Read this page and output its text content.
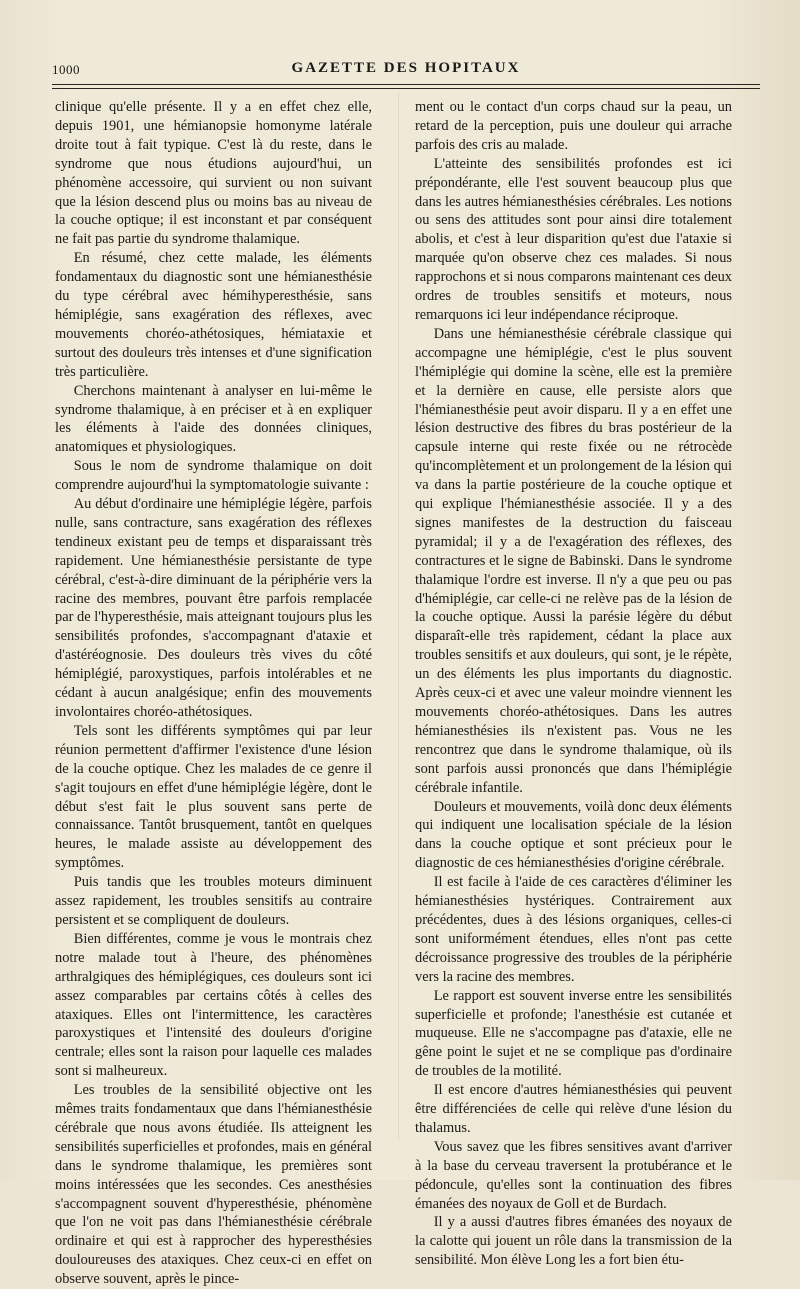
1000	GAZETTE DES HOPITAUX

clinique qu'elle présente. Il y a en effet chez elle, depuis 1901, une hémianopsie homonyme latérale droite tout à fait typique. C'est là du reste, dans le syndrome que nous étudions aujourd'hui, un phénomène accessoire, qui survient ou non suivant que la lésion descend plus ou moins bas au niveau de la couche optique; il est inconstant et par conséquent ne fait pas partie du syndrome thalamique.

En résumé, chez cette malade, les éléments fondamentaux du diagnostic sont une hémianesthésie du type cérébral avec hémihyperesthésie, sans hémiplégie, sans exagération des réflexes, avec mouvements choréo-athétosiques, hémiataxie et surtout des douleurs très intenses et d'une signification très particulière.

Cherchons maintenant à analyser en lui-même le syndrome thalamique, à en préciser et à en expliquer les éléments à l'aide des données cliniques, anatomiques et physiologiques.

Sous le nom de syndrome thalamique on doit comprendre aujourd'hui la symptomatologie suivante :

Au début d'ordinaire une hémiplégie légère, parfois nulle, sans contracture, sans exagération des réflexes tendineux existant peu de temps et disparaissant très rapidement. Une hémianesthésie persistante de type cérébral, c'est-à-dire diminuant de la périphérie vers la racine des membres, pouvant être parfois remplacée par de l'hyperesthésie, mais atteignant toujours plus les sensibilités profondes, s'accompagnant d'ataxie et d'astéréognosie. Des douleurs très vives du côté hémiplégié, paroxystiques, parfois intolérables et ne cédant à aucun analgésique; enfin des mouvements involontaires choréo-athétosiques.

Tels sont les différents symptômes qui par leur réunion permettent d'affirmer l'existence d'une lésion de la couche optique. Chez les malades de ce genre il s'agit toujours en effet d'une hémiplégie légère, dont le début s'est fait le plus souvent sans perte de connaissance. Tantôt brusquement, tantôt en quelques heures, le malade assiste au développement des symptômes.

Puis tandis que les troubles moteurs diminuent assez rapidement, les troubles sensitifs au contraire persistent et se compliquent de douleurs.

Bien différentes, comme je vous le montrais chez notre malade tout à l'heure, des phénomènes arthralgiques des hémiplégiques, ces douleurs sont ici assez comparables par certains côtés à celles des ataxiques. Elles ont l'intermittence, les caractères paroxystiques et l'intensité des douleurs d'origine centrale; elles sont la raison pour laquelle ces malades sont si malheureux.

Les troubles de la sensibilité objective ont les mêmes traits fondamentaux que dans l'hémianesthésie cérébrale que nous avons étudiée. Ils atteignent les sensibilités superficielles et profondes, mais en général dans le syndrome thalamique, les premières sont moins intéressées que les secondes. Ces anesthésies s'accompagnent souvent d'hyperesthésie, phénomène que l'on ne voit pas dans l'hémianesthésie cérébrale ordinaire et qui est à rapprocher des hyperesthésies douloureuses des ataxiques. Chez ceux-ci en effet on observe souvent, après le pince-

ment ou le contact d'un corps chaud sur la peau, un retard de la perception, puis une douleur qui arrache parfois des cris au malade.

L'atteinte des sensibilités profondes est ici prépondérante, elle l'est souvent beaucoup plus que dans les autres hémianesthésies cérébrales. Les notions ou sens des attitudes sont pour ainsi dire totalement abolis, et c'est à leur disparition qu'est due l'ataxie si marquée qu'on observe chez ces malades. Si nous rapprochons et si nous comparons maintenant ces deux ordres de troubles sensitifs et moteurs, nous remarquons ici leur indépendance réciproque.

Dans une hémianesthésie cérébrale classique qui accompagne une hémiplégie, c'est le plus souvent l'hémiplégie qui domine la scène, elle est la première et la dernière en cause, elle persiste alors que l'hémianesthésie peut avoir disparu. Il y a en effet une lésion destructive des fibres du bras postérieur de la capsule interne qui reste fixée ou ne rétrocède qu'incomplètement et un prolongement de la lésion qui va dans la partie postérieure de la couche optique et qui explique l'hémianesthésie associée. Il y a des signes manifestes de la destruction du faisceau pyramidal; il y a de l'exagération des réflexes, des contractures et le signe de Babinski. Dans le syndrome thalamique l'ordre est inverse. Il n'y a que peu ou pas d'hémiplégie, car celle-ci ne relève pas de la lésion de la couche optique. Aussi la parésie légère du début disparaît-elle très rapidement, cédant la place aux troubles sensitifs et aux douleurs, qui sont, je le répète, un des éléments les plus importants du diagnostic. Après ceux-ci et avec une valeur moindre viennent les mouvements choréo-athétosiques. Dans les autres hémianesthésies ils n'existent pas. Vous ne les rencontrez que dans le syndrome thalamique, où ils sont parfois aussi prononcés que dans l'hémiplégie cérébrale infantile.

Douleurs et mouvements, voilà donc deux éléments qui indiquent une localisation spéciale de la lésion dans la couche optique et sont précieux pour le diagnostic de ces hémianesthésies d'origine cérébrale.

Il est facile à l'aide de ces caractères d'éliminer les hémianesthésies hystériques. Contrairement aux précédentes, dues à des lésions organiques, celles-ci sont uniformément étendues, elles n'ont pas cette décroissance progressive des troubles de la périphérie vers la racine des membres.

Le rapport est souvent inverse entre les sensibilités superficielle et profonde; l'anesthésie est cutanée et muqueuse. Elle ne s'accompagne pas d'ataxie, elle ne gêne point le sujet et ne se complique pas d'ordinaire de troubles de la motilité.

Il est encore d'autres hémianesthésies qui peuvent être différenciées de celle qui relève d'une lésion du thalamus.

Vous savez que les fibres sensitives avant d'arriver à la base du cerveau traversent la protubérance et le pédoncule, qu'elles sont la continuation des fibres émanées des noyaux de Goll et de Burdach.

Il y a aussi d'autres fibres émanées des noyaux de la calotte qui jouent un rôle dans la transmission de la sensibilité. Mon élève Long les a fort bien étu-
